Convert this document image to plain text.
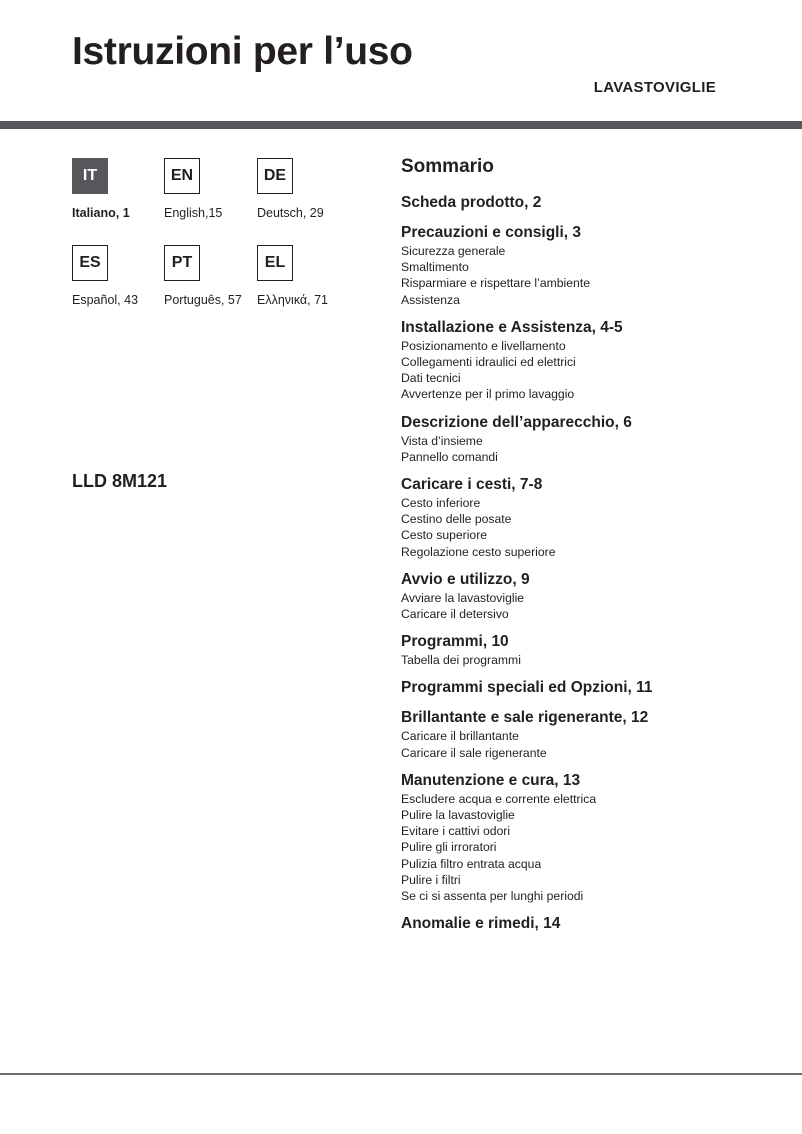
Istruzioni per l’uso
LAVASTOVIGLIE
IT
Italiano, 1
EN
English,15
DE
Deutsch, 29
ES
Español, 43
PT
Português, 57
EL
Ελληνικά, 71
LLD 8M121
Sommario
Scheda prodotto, 2
Precauzioni e consigli, 3
Sicurezza generale
Smaltimento
Risparmiare e rispettare l’ambiente
Assistenza
Installazione e Assistenza, 4-5
Posizionamento e livellamento
Collegamenti idraulici ed elettrici
Dati tecnici
Avvertenze per il primo lavaggio
Descrizione dell’apparecchio, 6
Vista d’insieme
Pannello comandi
Caricare i cesti, 7-8
Cesto inferiore
Cestino delle posate
Cesto superiore
Regolazione cesto superiore
Avvio e utilizzo, 9
Avviare la lavastoviglie
Caricare il detersivo
Programmi, 10
Tabella dei programmi
Programmi speciali ed Opzioni, 11
Brillantante e sale rigenerante, 12
Caricare il brillantante
Caricare il sale rigenerante
Manutenzione e cura, 13
Escludere acqua e corrente elettrica
Pulire la lavastoviglie
Evitare i cattivi odori
Pulire gli irroratori
Pulizia filtro entrata acqua
Pulire i filtri
Se ci si assenta per lunghi periodi
Anomalie e rimedi, 14
